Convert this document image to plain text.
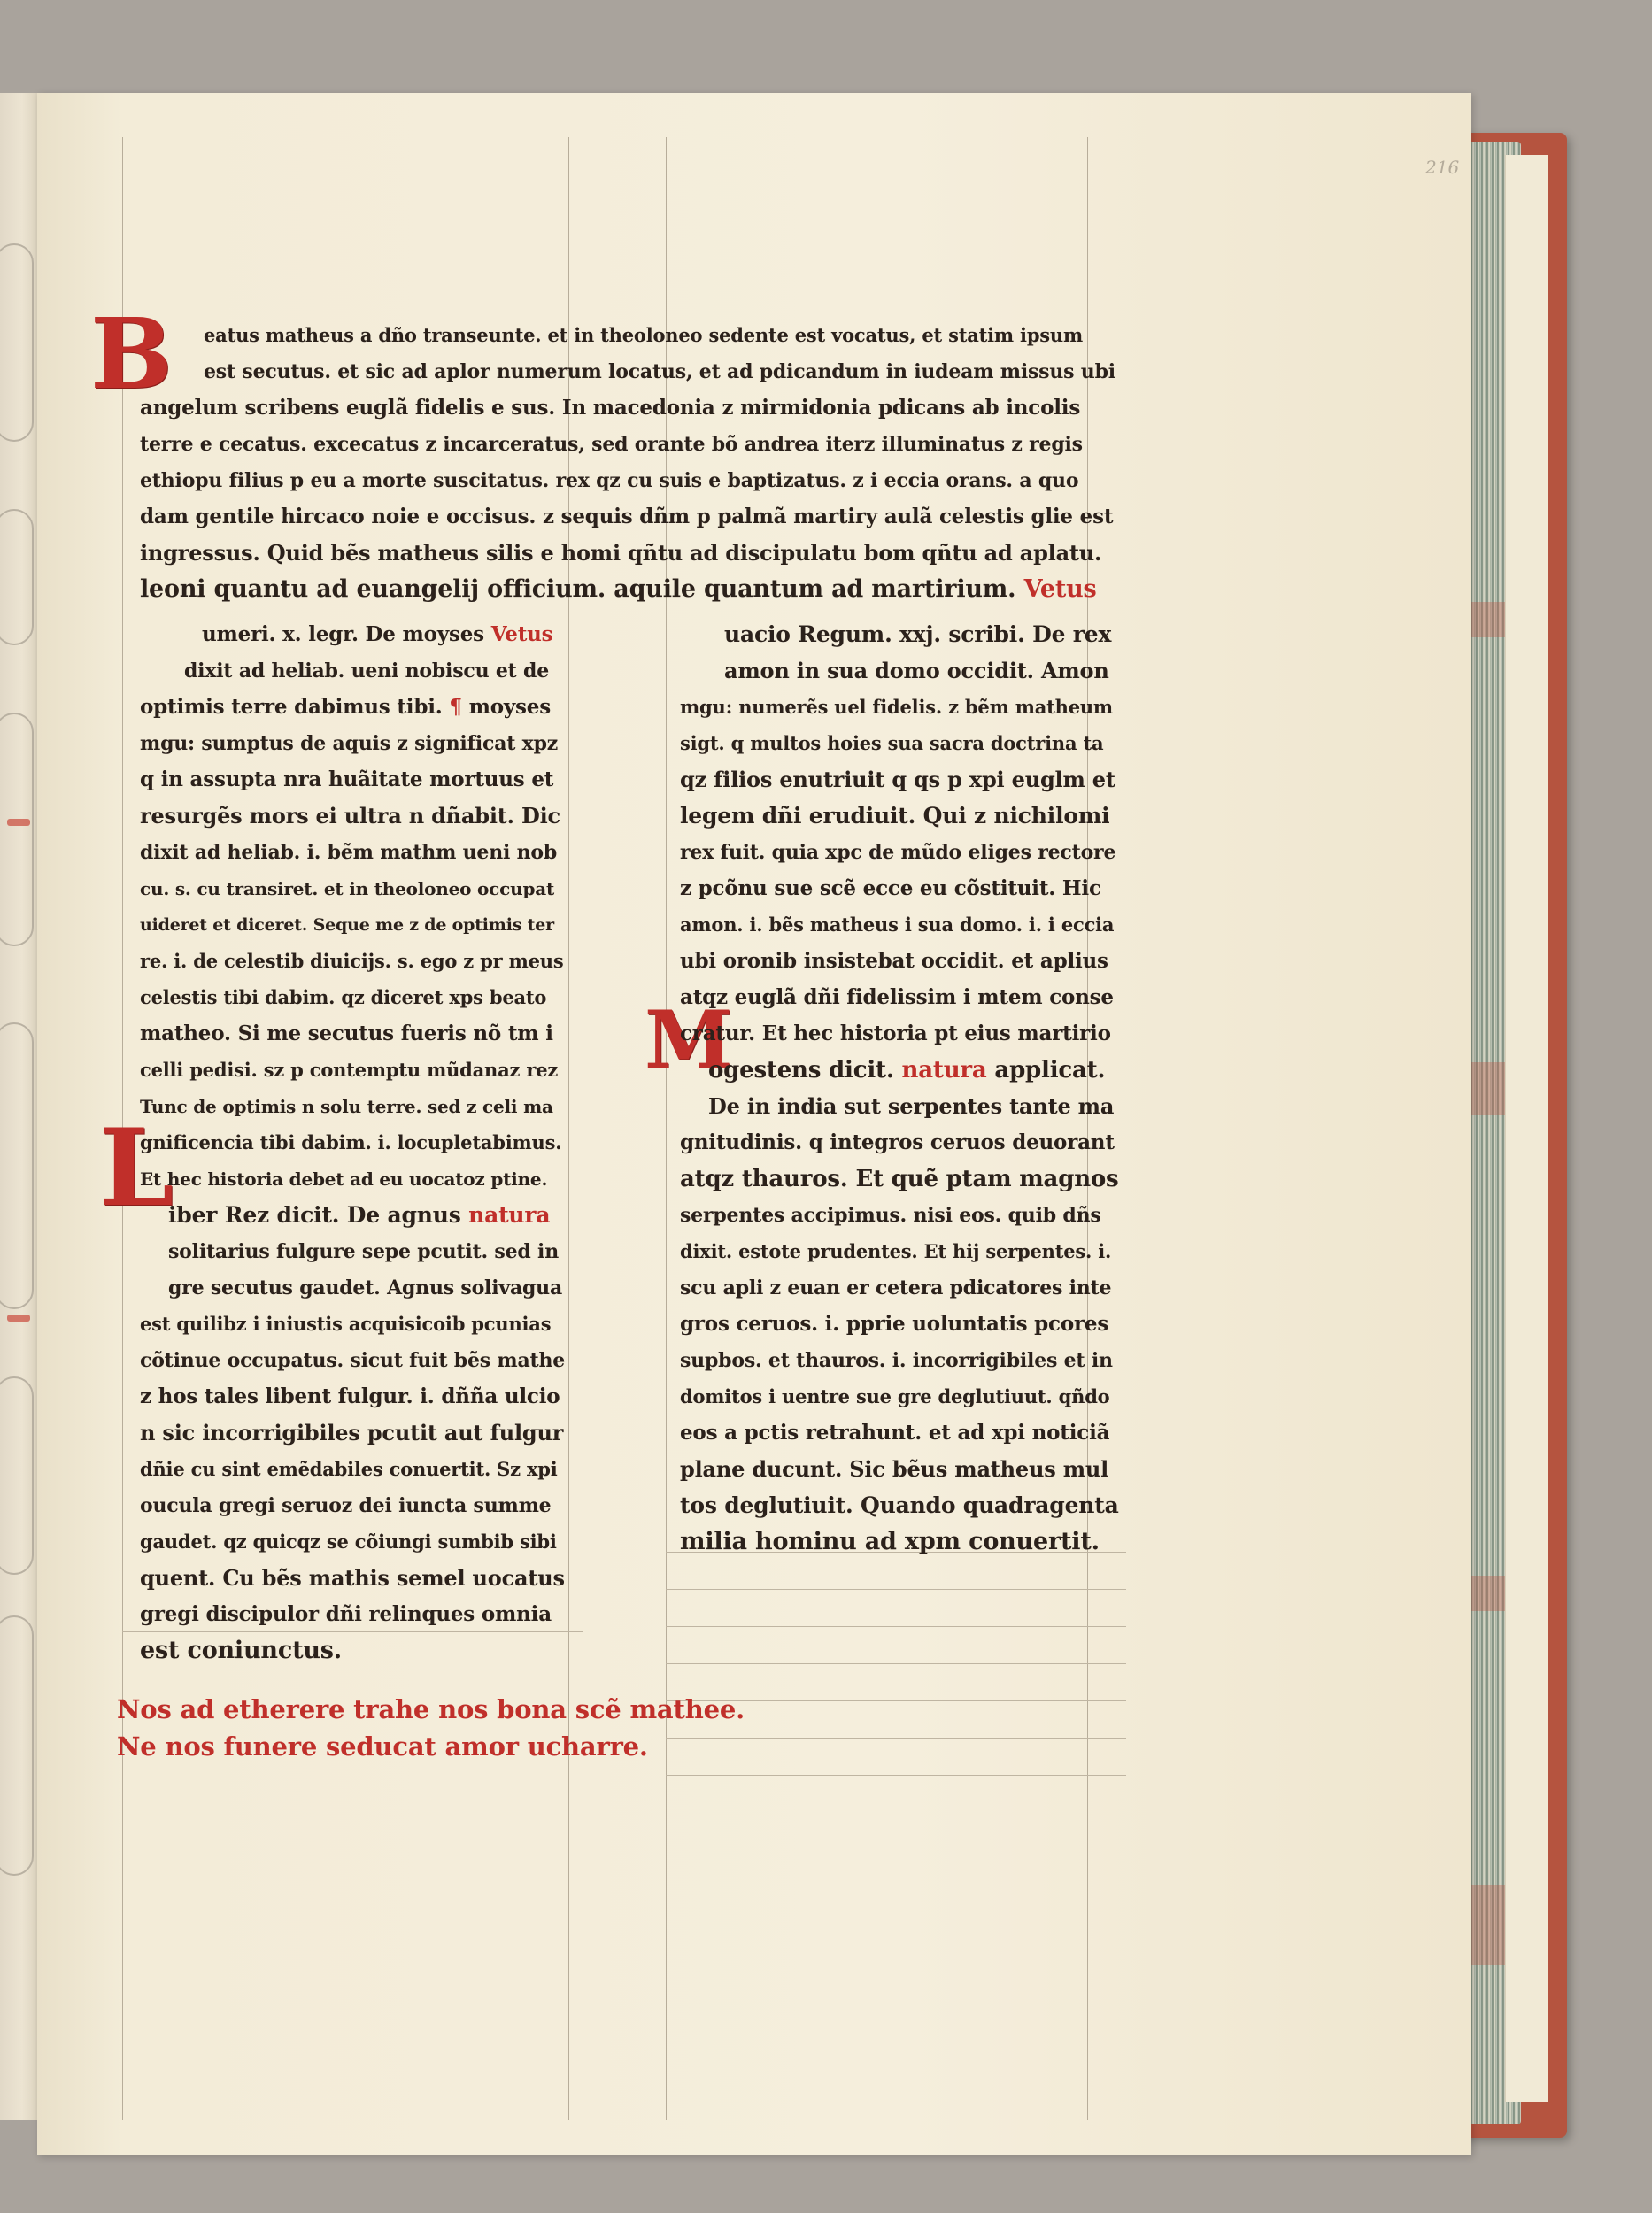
216
B eatus matheus a dño transeunte. et in theoloneo sedente est vocatus, et statim ipsum
est secutus. et sic ad aplor numerum locatus, et ad pdicandum in iudeam missus ubi
angelum scribens euglã fidelis e sus. In macedonia z mirmidonia pdicans ab incolis
terre e cecatus. excecatus z incarceratus, sed orante bõ andrea iterz illuminatus z regis
ethiopu filius p eu a morte suscitatus. rex qz cu suis e baptizatus. z i eccia orans. a quo
dam gentile hircaco noie e occisus. z sequis dñm p palmã martiry aulã celestis glie est
ingressus. Quid bẽs matheus silis e homi qñtu ad discipulatu bom qñtu ad aplatu.
leoni quantu ad euangelij officium. aquile quantum ad martirium. Vetus
L
M
umeri. x. legr. De moyses Vetus
dixit ad heliab. ueni nobiscu et de
optimis terre dabimus tibi. ¶ moyses
mgu: sumptus de aquis z significat xpz
q in assupta nra huãitate mortuus et
resurgẽs mors ei ultra n dñabit. Dic
dixit ad heliab. i. bẽm mathm ueni nob
cu. s. cu transiret. et in theoloneo occupat
uideret et diceret. Seque me z de optimis ter
re. i. de celestib diuicijs. s. ego z pr meus
celestis tibi dabim. qz diceret xps beato
matheo. Si me secutus fueris nõ tm i
celli pedisi. sz p contemptu mũdanaz rez
Tunc de optimis n solu terre. sed z celi ma
gnificencia tibi dabim. i. locupletabimus.
Et hec historia debet ad eu uocatoz ptine.
iber Rez dicit. De agnus natura
solitarius fulgure sepe pcutit. sed in
gre secutus gaudet. Agnus solivagua
est quilibz i iniustis acquisicoib pcunias
cõtinue occupatus. sicut fuit bẽs mathe
z hos tales libent fulgur. i. dñña ulcio
n sic incorrigibiles pcutit aut fulgur
dñie cu sint emẽdabiles conuertit. Sz xpi
oucula gregi seruoz dei iuncta summe
gaudet. qz quicqz se cõiungi sumbib sibi
quent. Cu bẽs mathis semel uocatus
gregi discipulor dñi relinques omnia
est coniunctus.
uacio Regum. xxj. scribi. De rex
amon in sua domo occidit. Amon
mgu: numerẽs uel fidelis. z bẽm matheum
sigt. q multos hoies sua sacra doctrina ta
qz filios enutriuit q qs p xpi euglm et
legem dñi erudiuit. Qui z nichilomi
rex fuit. quia xpc de mũdo eliges rectore
z pcõnu sue scẽ ecce eu cõstituit. Hic
amon. i. bẽs matheus i sua domo. i. i eccia
ubi oronib insistebat occidit. et aplius
atqz euglã dñi fidelissim i mtem conse
cratur. Et hec historia pt eius martirio
ogestens dicit. natura applicat.
De in india sut serpentes tante ma
gnitudinis. q integros ceruos deuorant
atqz thauros. Et quẽ ptam magnos
serpentes accipimus. nisi eos. quib dñs
dixit. estote prudentes. Et hij serpentes. i.
scu apli z euan er cetera pdicatores inte
gros ceruos. i. pprie uoluntatis pcores
supbos. et thauros. i. incorrigibiles et in
domitos i uentre sue gre deglutiuut. qñdo
eos a pctis retrahunt. et ad xpi noticiã
plane ducunt. Sic bẽus matheus mul
tos deglutiuit. Quando quadragenta
milia hominu ad xpm conuertit.
Nos ad etherere trahe nos bona scẽ mathee.
Ne nos funere seducat amor ucharre.
